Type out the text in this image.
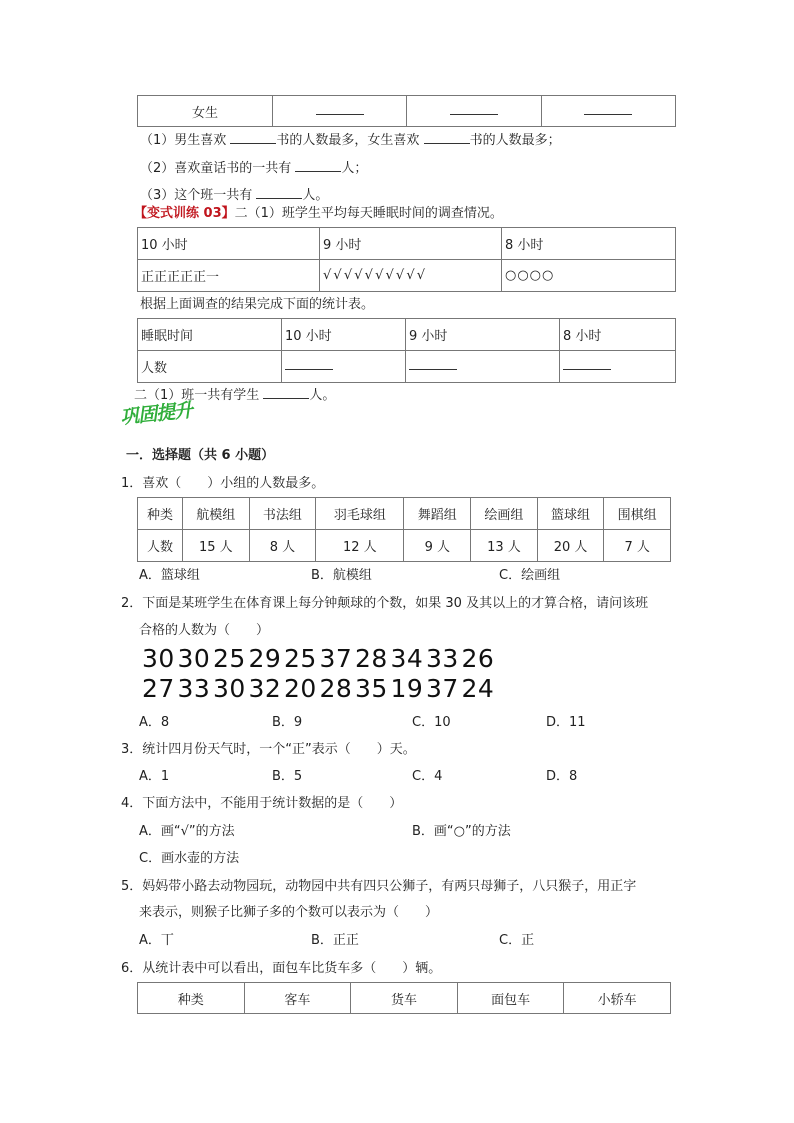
女生			
（1）男生喜欢	书的人数最多，女生喜欢	书的人数最多；
（2）喜欢童话书的一共有	人；
（3）这个班一共有	人。
【变式训练 03】二（1）班学生平均每天睡眠时间的调查情况。
10 小时	9 小时	8 小时
正正正正正一	√ √ √ √ √ √ √ √ √ √	○○○○
根据上面调查的结果完成下面的统计表。
睡眠时间	10 小时	9 小时	8 小时
人数			
二（1）班一共有学生	人。
巩固提升
一．选择题（共 6 小题）
1．喜欢（　　）小组的人数最多。
种类	航模组	书法组	羽毛球组	舞蹈组	绘画组	篮球组	围棋组
人数	15 人	8 人	12 人	9 人	13 人	20 人	7 人
A．篮球组	B．航模组	C．绘画组
2．下面是某班学生在体育课上每分钟颠球的个数，如果 30 及其以上的才算合格，请问该班
合格的人数为（　　）
30 30 25 29 25 37 28 34 33 26
27 33 30 32 20 28 35 19 37 24
A．8	B．9	C．10	D．11
3．统计四月份天气时，一个“正”表示（　　）天。
A．1	B．5	C．4	D．8
4．下面方法中，不能用于统计数据的是（　　）
A．画“√”的方法	B．画“○”的方法
C．画水壶的方法
5．妈妈带小路去动物园玩，动物园中共有四只公狮子，有两只母狮子，八只猴子，用正字
来表示，则猴子比狮子多的个数可以表示为（　　）
A．丅	B．正正	C．正
6．从统计表中可以看出，面包车比货车多（　　）辆。
种类	客车	货车	面包车	小轿车
